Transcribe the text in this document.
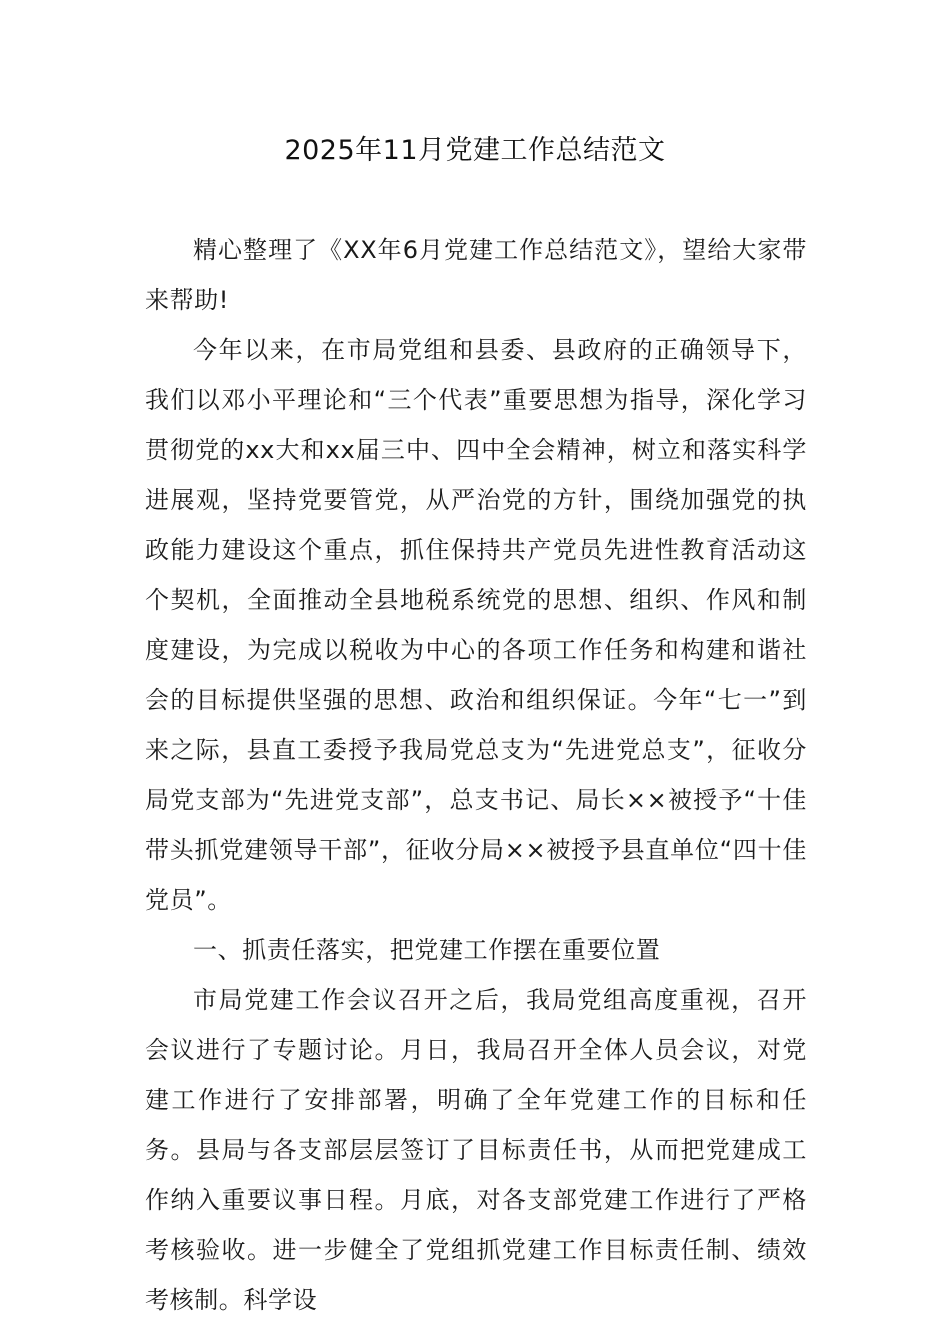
2025年11月党建工作总结范文

精心整理了《XX年6月党建工作总结范文》，望给大家带来帮助!

今年以来，在市局党组和县委、县政府的正确领导下，我们以邓小平理论和“三个代表”重要思想为指导，深化学习贯彻党的xx大和xx届三中、四中全会精神，树立和落实科学进展观，坚持党要管党，从严治党的方针，围绕加强党的执政能力建设这个重点，抓住保持共产党员先进性教育活动这个契机，全面推动全县地税系统党的思想、组织、作风和制度建设，为完成以税收为中心的各项工作任务和构建和谐社会的目标提供坚强的思想、政治和组织保证。今年“七一”到来之际，县直工委授予我局党总支为“先进党总支”，征收分局党支部为“先进党支部”，总支书记、局长××被授予“十佳带头抓党建领导干部”，征收分局××被授予县直单位“四十佳党员”。

一、抓责任落实，把党建工作摆在重要位置

市局党建工作会议召开之后，我局党组高度重视，召开会议进行了专题讨论。月日，我局召开全体人员会议，对党建工作进行了安排部署，明确了全年党建工作的目标和任务。县局与各支部层层签订了目标责任书，从而把党建成工作纳入重要议事日程。月底，对各支部党建工作进行了严格考核验收。进一步健全了党组抓党建工作目标责任制、绩效考核制。科学设
